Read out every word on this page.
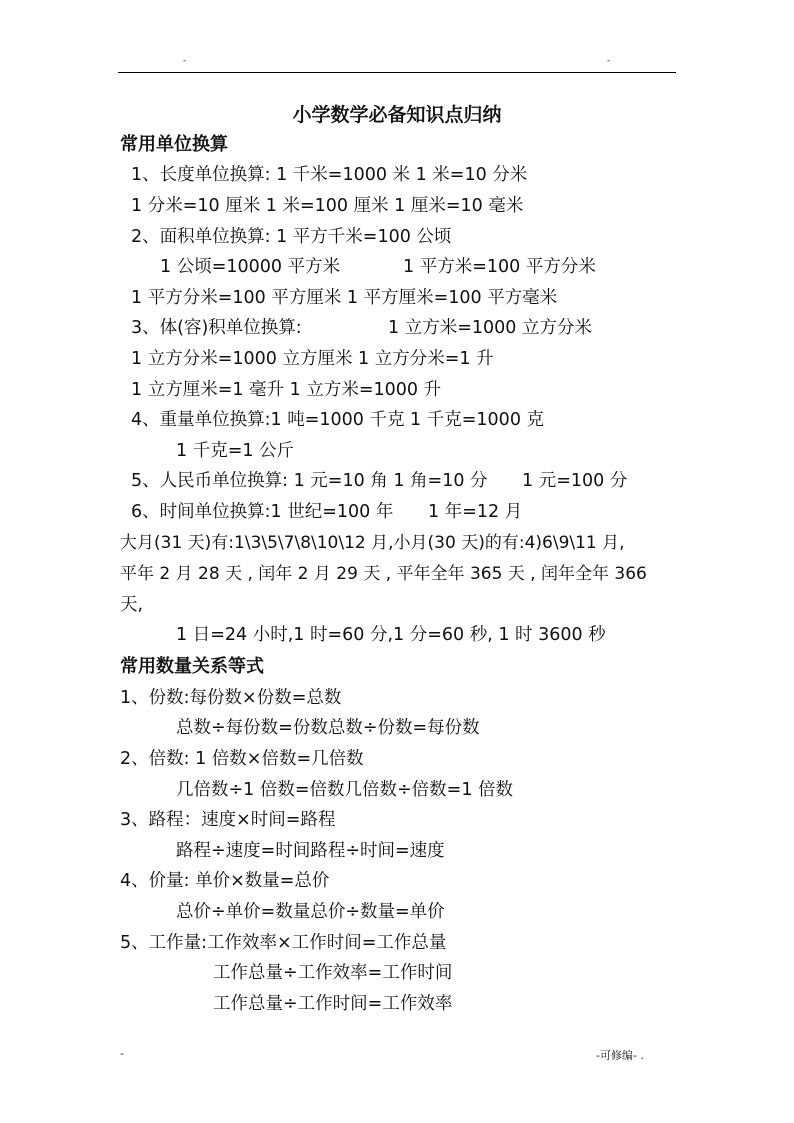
-	-
小学数学必备知识点归纳
常用单位换算
1、长度单位换算: 1 千米=1000 米 1 米=10 分米
1 分米=10 厘米 1 米=100 厘米 1 厘米=10 毫米
2、面积单位换算: 1 平方千米=100 公顷
1 公顷=10000 平方米	1 平方米=100 平方分米
1 平方分米=100 平方厘米 1 平方厘米=100 平方毫米
3、体(容)积单位换算:	1 立方米=1000 立方分米
1 立方分米=1000 立方厘米 1 立方分米=1 升
1 立方厘米=1 毫升 1 立方米=1000 升
4、重量单位换算:1 吨=1000 千克 1 千克=1000 克
1 千克=1 公斤
5、人民币单位换算: 1 元=10 角 1 角=10 分 1 元=100 分
6、时间单位换算:1 世纪=100 年 1 年=12 月
大月(31 天)有:1\3\5\7\8\10\12 月,小月(30 天)的有:4)6\9\11 月,
平年 2 月 28 天 , 闰年 2 月 29 天 , 平年全年 365 天 , 闰年全年 366
天,
1 日=24 小时,1 时=60 分,1 分=60 秒, 1 时 3600 秒
常用数量关系等式
1、份数:每份数×份数=总数
总数÷每份数=份数总数÷份数=每份数
2、倍数: 1 倍数×倍数=几倍数
几倍数÷1 倍数=倍数几倍数÷倍数=1 倍数
3、路程：速度×时间=路程
路程÷速度=时间路程÷时间=速度
4、价量: 单价×数量=总价
总价÷单价=数量总价÷数量=单价
5、工作量:工作效率×工作时间=工作总量
工作总量÷工作效率=工作时间
工作总量÷工作时间=工作效率
-	-可修编- .
